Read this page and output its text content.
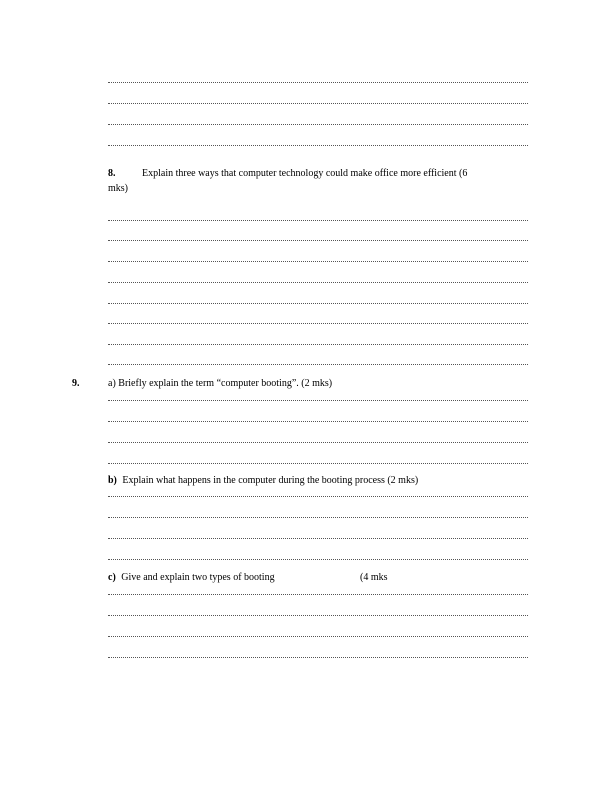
8.	Explain three ways that computer technology could make office more efficient (6
mks)
9.	a) Briefly explain the term “computer booting”. (2 mks)
b) Explain what happens in the computer during the booting process (2 mks)
c) Give and explain two types of booting	(4 mks
